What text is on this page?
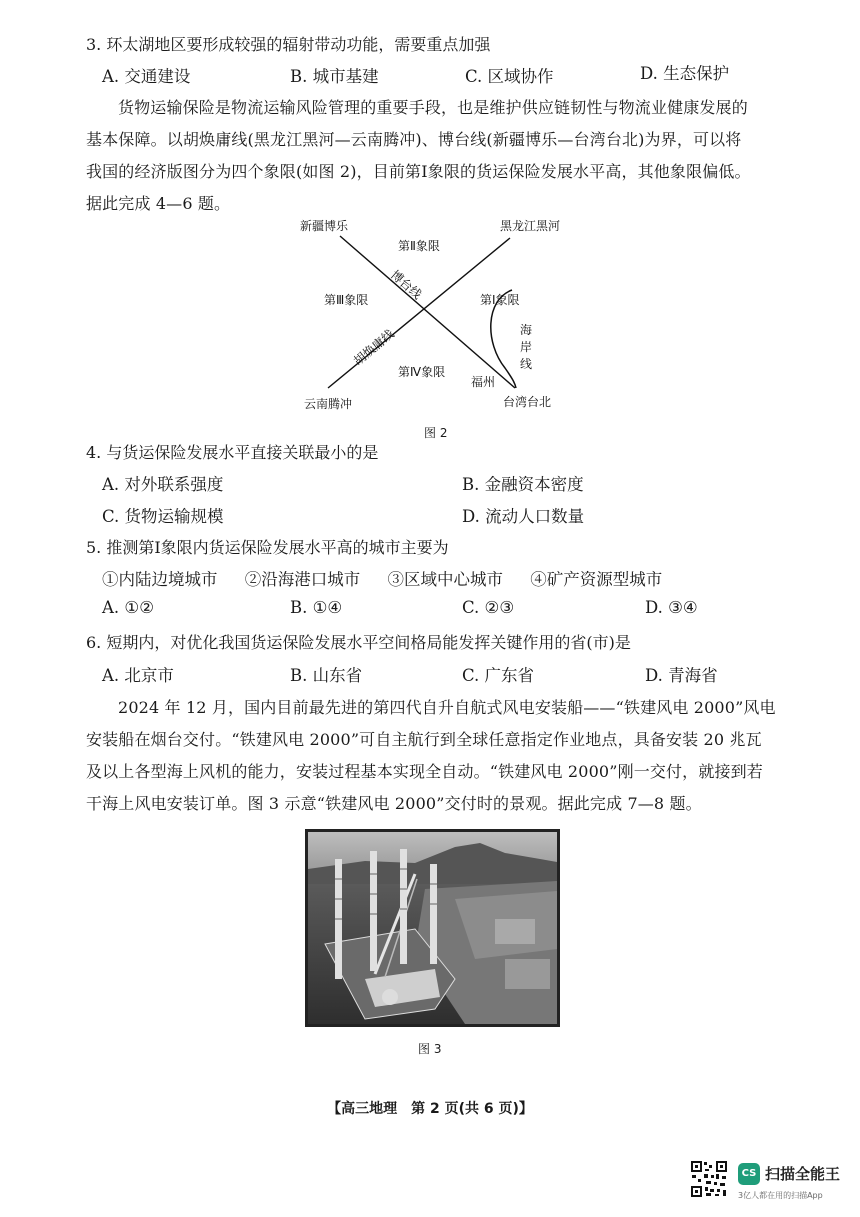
3. 环太湖地区要形成较强的辐射带动功能，需要重点加强
A. 交通建设	B. 城市基建	C. 区域协作	D. 生态保护
货物运输保险是物流运输风险管理的重要手段，也是维护供应链韧性与物流业健康发展的
基本保障。以胡焕庸线(黑龙江黑河—云南腾冲)、博台线(新疆博乐—台湾台北)为界，可以将
我国的经济版图分为四个象限(如图 2)，目前第Ⅰ象限的货运保险发展水平高，其他象限偏低。
据此完成 4—6 题。
新疆博乐	黑龙江黑河
第Ⅱ象限
第Ⅲ象限	第Ⅰ象限
第Ⅳ象限
博台线
胡焕庸线	海
岸
线
福州
云南腾冲	台湾台北
图 2
4. 与货运保险发展水平直接关联最小的是
A. 对外联系强度	B. 金融资本密度
C. 货物运输规模	D. 流动人口数量
5. 推测第Ⅰ象限内货运保险发展水平高的城市主要为
①内陆边境城市 ②沿海港口城市 ③区域中心城市 ④矿产资源型城市
A. ①②	B. ①④	C. ②③	D. ③④
6. 短期内，对优化我国货运保险发展水平空间格局能发挥关键作用的省(市)是
A. 北京市	B. 山东省	C. 广东省	D. 青海省
2024 年 12 月，国内目前最先进的第四代自升自航式风电安装船——“铁建风电 2000”风电
安装船在烟台交付。“铁建风电 2000”可自主航行到全球任意指定作业地点，具备安装 20 兆瓦
及以上各型海上风机的能力，安装过程基本实现全自动。“铁建风电 2000”刚一交付，就接到若
干海上风电安装订单。图 3 示意“铁建风电 2000”交付时的景观。据此完成 7—8 题。
图 3
【高三地理　第 2 页(共 6 页)】
CS 扫描全能王
3亿人都在用的扫描App
